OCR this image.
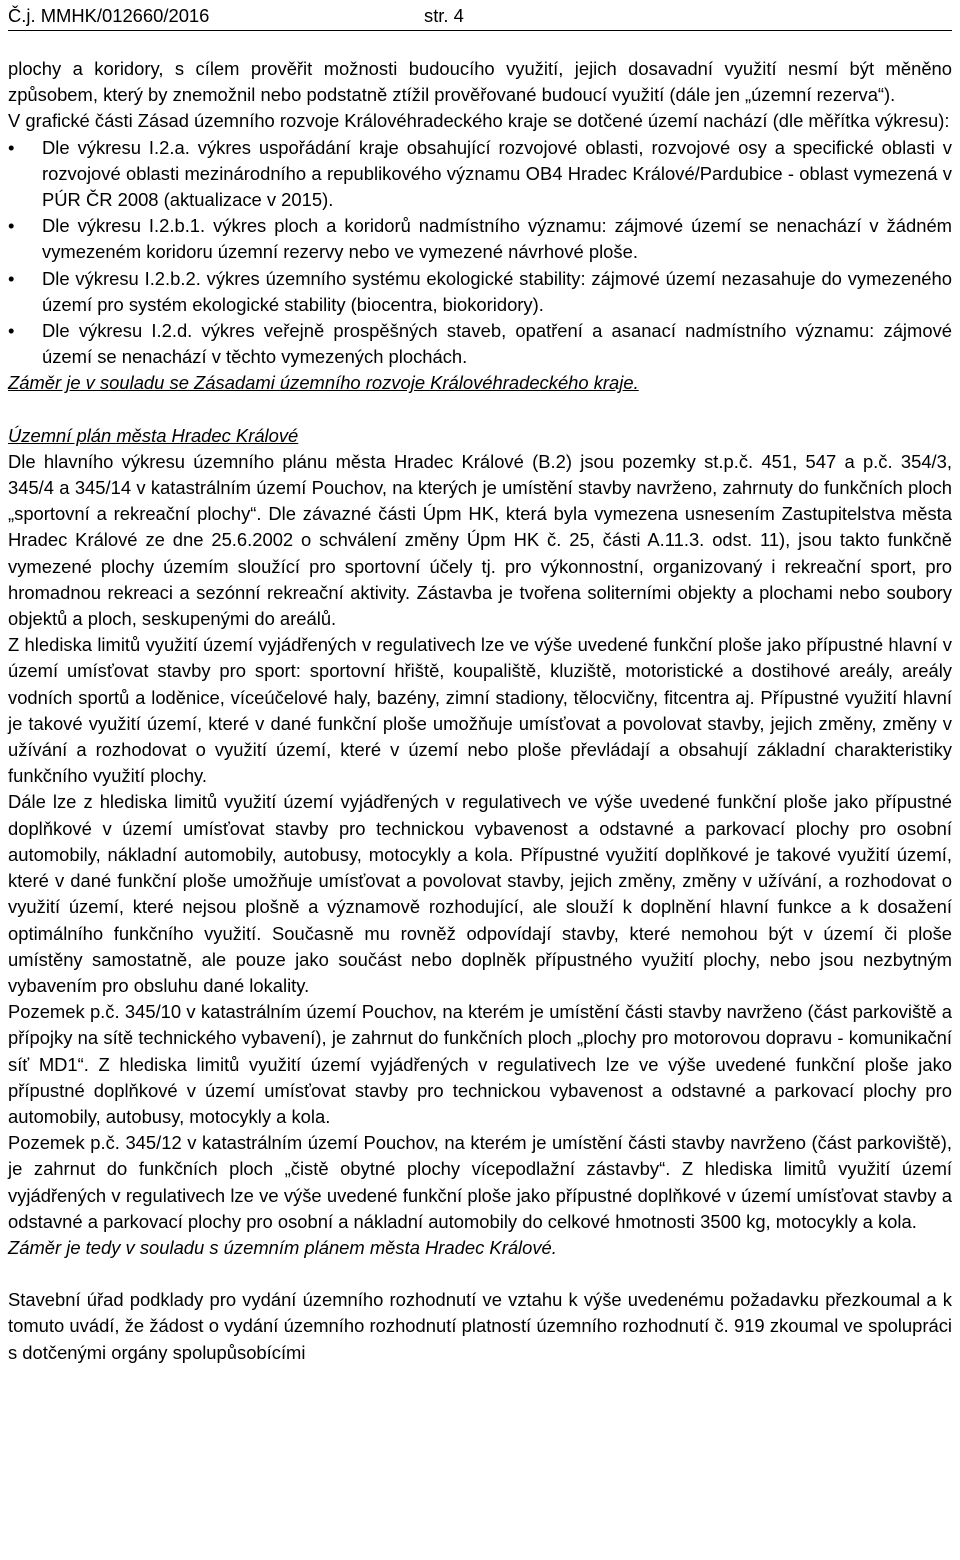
Č.j. MMHK/012660/2016	str. 4

plochy a koridory, s cílem prověřit možnosti budoucího využití, jejich dosavadní využití nesmí být měněno způsobem, který by znemožnil nebo podstatně ztížil prověřované budoucí využití (dále jen „územní rezerva“).

V grafické části Zásad územního rozvoje Královéhradeckého kraje se dotčené území nachází (dle měřítka výkresu):

• Dle výkresu I.2.a. výkres uspořádání kraje obsahující rozvojové oblasti, rozvojové osy a specifické oblasti v rozvojové oblasti mezinárodního a republikového významu OB4 Hradec Králové/Pardubice - oblast vymezená v PÚR ČR 2008 (aktualizace v 2015).
• Dle výkresu I.2.b.1. výkres ploch a koridorů nadmístního významu: zájmové území se nenachází v žádném vymezeném koridoru územní rezervy nebo ve vymezené návrhové ploše.
• Dle výkresu I.2.b.2. výkres územního systému ekologické stability: zájmové území nezasahuje do vymezeného území pro systém ekologické stability (biocentra, biokoridory).
• Dle výkresu I.2.d. výkres veřejně prospěšných staveb, opatření a asanací nadmístního významu: zájmové území se nenachází v těchto vymezených plochách.

Záměr je v souladu se Zásadami územního rozvoje Královéhradeckého kraje.

Územní plán města Hradec Králové

Dle hlavního výkresu územního plánu města Hradec Králové (B.2) jsou pozemky st.p.č. 451, 547 a p.č. 354/3, 345/4 a 345/14 v katastrálním území Pouchov, na kterých je umístění stavby navrženo, zahrnuty do funkčních ploch „sportovní a rekreační plochy“. Dle závazné části Úpm HK, která byla vymezena usnesením Zastupitelstva města Hradec Králové ze dne 25.6.2002 o schválení změny Úpm HK č. 25, části A.11.3. odst. 11), jsou takto funkčně vymezené plochy územím sloužící pro sportovní účely tj. pro výkonnostní, organizovaný i rekreační sport, pro hromadnou rekreaci a sezónní rekreační aktivity. Zástavba je tvořena soliterními objekty a plochami nebo soubory objektů a ploch, seskupenými do areálů.

Z hlediska limitů využití území vyjádřených v regulativech lze ve výše uvedené funkční ploše jako přípustné hlavní v území umísťovat stavby pro sport: sportovní hřiště, koupaliště, kluziště, motoristické a dostihové areály, areály vodních sportů a loděnice, víceúčelové haly, bazény, zimní stadiony, tělocvičny, fitcentra aj. Přípustné využití hlavní je takové využití území, které v dané funkční ploše umožňuje umísťovat a povolovat stavby, jejich změny, změny v užívání a rozhodovat o využití území, které v území nebo ploše převládají a obsahují základní charakteristiky funkčního využití plochy.

Dále lze z hlediska limitů využití území vyjádřených v regulativech ve výše uvedené funkční ploše jako přípustné doplňkové v území umísťovat stavby pro technickou vybavenost a odstavné a parkovací plochy pro osobní automobily, nákladní automobily, autobusy, motocykly a kola. Přípustné využití doplňkové je takové využití území, které v dané funkční ploše umožňuje umísťovat a povolovat stavby, jejich změny, změny v užívání, a rozhodovat o využití území, které nejsou plošně a významově rozhodující, ale slouží k doplnění hlavní funkce a k dosažení optimálního funkčního využití. Současně mu rovněž odpovídají stavby, které nemohou být v území či ploše umístěny samostatně, ale pouze jako součást nebo doplněk přípustného využití plochy, nebo jsou nezbytným vybavením pro obsluhu dané lokality.

Pozemek p.č. 345/10 v katastrálním území Pouchov, na kterém je umístění části stavby navrženo (část parkoviště a přípojky na sítě technického vybavení), je zahrnut do funkčních ploch „plochy pro motorovou dopravu - komunikační síť MD1“. Z hlediska limitů využití území vyjádřených v regulativech lze ve výše uvedené funkční ploše jako přípustné doplňkové v území umísťovat stavby pro technickou vybavenost a odstavné a parkovací plochy pro automobily, autobusy, motocykly a kola.

Pozemek p.č. 345/12 v katastrálním území Pouchov, na kterém je umístění části stavby navrženo (část parkoviště), je zahrnut do funkčních ploch „čistě obytné plochy vícepodlažní zástavby“. Z hlediska limitů využití území vyjádřených v regulativech lze ve výše uvedené funkční ploše jako přípustné doplňkové v území umísťovat stavby a odstavné a parkovací plochy pro osobní a nákladní automobily do celkové hmotnosti 3500 kg, motocykly a kola.

Záměr je tedy v souladu s územním plánem města Hradec Králové.

Stavební úřad podklady pro vydání územního rozhodnutí ve vztahu k výše uvedenému požadavku přezkoumal a k tomuto uvádí, že žádost o vydání územního rozhodnutí platností územního rozhodnutí č. 919 zkoumal ve spolupráci s dotčenými orgány spolupůsobícími
